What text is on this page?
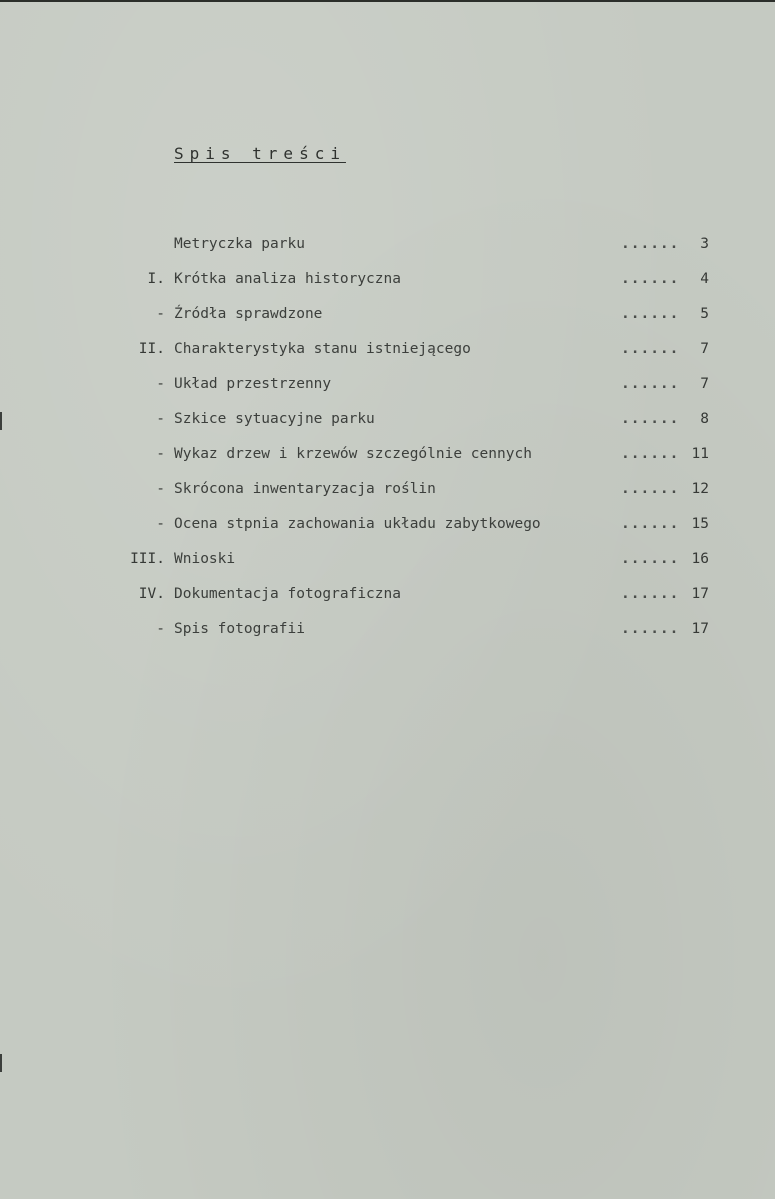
Spis treści
Metryczka parku	......	3
I. Krótka analiza historyczna	......	4
- Źródła sprawdzone	......	5
II. Charakterystyka stanu istniejącego	......	7
- Układ przestrzenny	......	7
- Szkice sytuacyjne parku	......	8
- Wykaz drzew i krzewów szczególnie cennych	...... 11
- Skrócona inwentaryzacja roślin	...... 12
- Ocena stpnia zachowania układu zabytkowego	...... 15
III. Wnioski	...... 16
IV. Dokumentacja fotograficzna	...... 17
- Spis fotografii	...... 17
